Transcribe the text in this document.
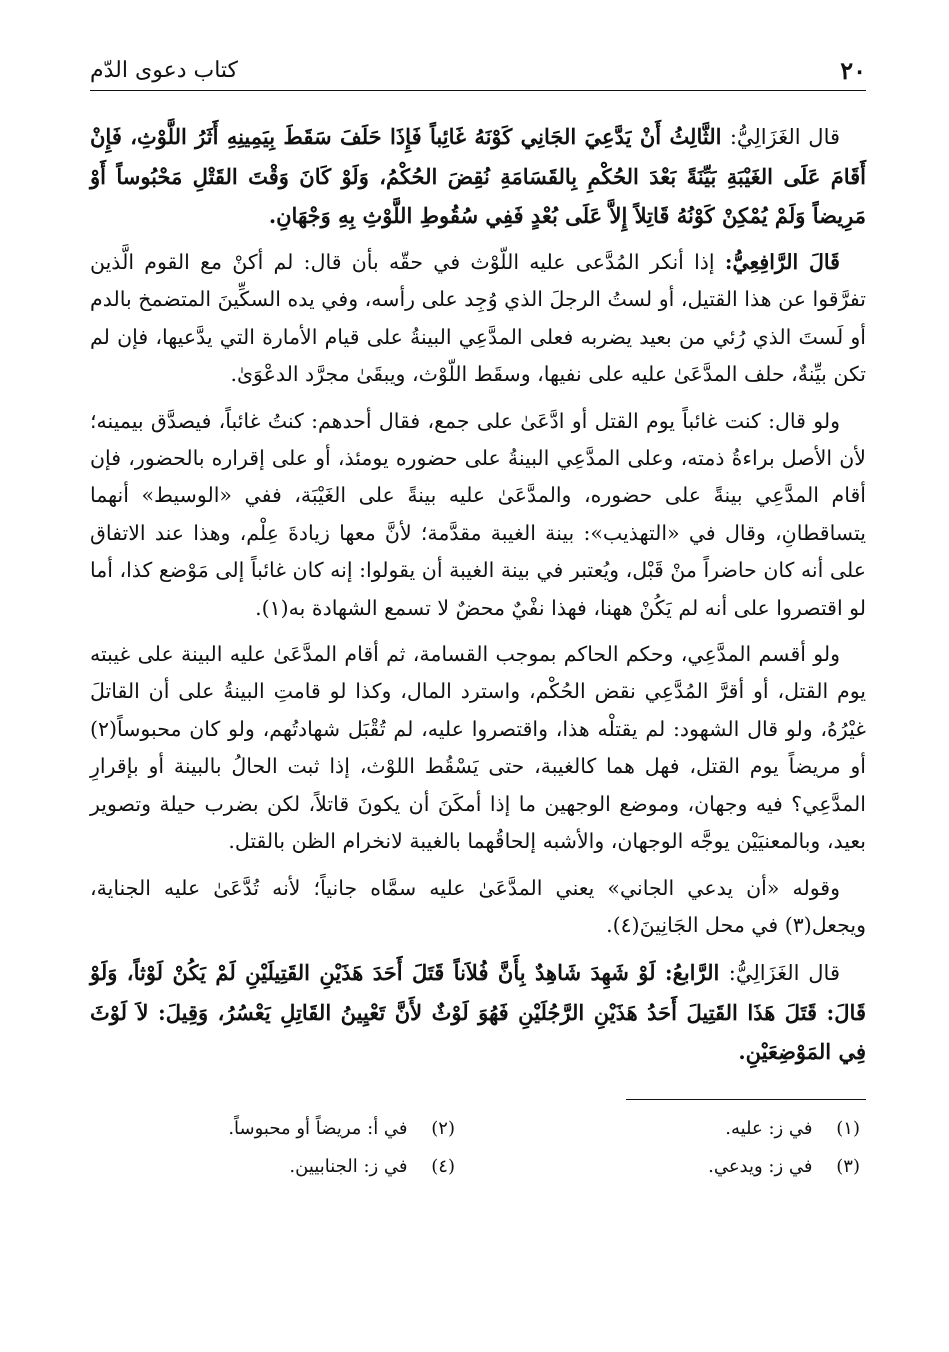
٢٠
كتاب دعوى الدّم

قال الغَزَالِيُّ: الثَّالِثُ أَنْ يَدَّعِيَ الجَانِي كَوْنَهُ غَائِباً فَإِذَا حَلَفَ سَقَطَ بِيَمِينِهِ أَثَرُ اللَّوْثِ، فَإِنْ أَقَامَ عَلَى الغَيْبَةِ بَيِّنَةً بَعْدَ الحُكْمِ بِالقَسَامَةِ نُقِضَ الحُكْمُ، وَلَوْ كَانَ وَقْتَ القَتْلِ مَحْبُوساً أَوْ مَرِيضاً وَلَمْ يُمْكِنْ كَوْنُهُ قَاتِلاً إِلاَّ عَلَى بُعْدٍ فَفِي سُقُوطِ اللَّوْثِ بِهِ وَجْهَانِ.

قَالَ الرَّافِعِيُّ: إذا أنكر المُدَّعى عليه اللّوْث في حقّه بأن قال: لم أكنْ مع القوم الَّذين تفرَّقوا عن هذا القتيل، أو لستُ الرجلَ الذي وُجِد على رأسه، وفي يده السكِّينَ المتضمخ بالدم أو لَستَ الذي رُئي من بعيد يضربه فعلى المدَّعِي البينةُ على قيام الأمارة التي يدَّعيها، فإن لم تكن بيِّنةٌ، حلف المدَّعَىٰ عليه على نفيها، وسقَط اللّوْث، ويبقَىٰ مجرَّد الدعْوَىٰ.

ولو قال: كنت غائباً يوم القتل أو ادَّعَىٰ على جمع، فقال أحدهم: كنتُ غائباً، فيصدَّق بيمينه؛ لأن الأصل براءةُ ذمته، وعلى المدَّعِي البينةُ على حضوره يومئذ، أو على إقراره بالحضور، فإن أقام المدَّعِي بينةً على حضوره، والمدَّعَىٰ عليه بينةً على الغَيْبَة، ففي «الوسيط» أنهما يتساقطانِ، وقال في «التهذيب»: بينة الغيبة مقدَّمة؛ لأنَّ معها زيادةَ عِلْم، وهذا عند الاتفاق على أنه كان حاضراً منْ قَبْل، ويُعتبر في بينة الغيبة أن يقولوا: إنه كان غائباً إلى مَوْضع كذا، أما لو اقتصروا على أنه لم يَكُنْ ههنا، فهذا نفْيٌ محضٌ لا تسمع الشهادة به(١).

ولو أقسم المدَّعِي، وحكم الحاكم بموجب القسامة، ثم أقام المدَّعَىٰ عليه البينة على غيبته يوم القتل، أو أقرَّ المُدَّعِي نقض الحُكْم، واسترد المال، وكذا لو قامتِ البينةُ على أن القاتلَ غيْرُهُ، ولو قال الشهود: لم يقتلْه هذا، واقتصروا عليه، لم تُقْبَل شهادتُهم، ولو كان محبوساً(٢) أو مريضاً يوم القتل، فهل هما كالغيبة، حتى يَسْقُط اللوْث، إذا ثبت الحالُ بالبينة أو بإقرارِ المدَّعِي؟ فيه وجهان، وموضع الوجهين ما إذا أمكَنَ أن يكونَ قاتلاً، لكن بضرب حيلة وتصوير بعيد، وبالمعنيَيْن يوجَّه الوجهان، والأشبه إلحاقُهما بالغيبة لانخرام الظن بالقتل.

وقوله «أن يدعي الجاني» يعني المدَّعَىٰ عليه سمَّاه جانياً؛ لأنه تُدَّعَىٰ عليه الجناية، ويجعل(٣) في محل الجَانِينَ(٤).

قال الغَزَالِيُّ: الرَّابعُ: لَوْ شَهِدَ شَاهِدٌ بِأَنَّ فُلاَناً قَتَلَ أَحَدَ هَذَيْنِ القَتِيلَيْنِ لَمْ يَكُنْ لَوْثاً، وَلَوْ قَالَ: قَتَلَ هَذَا القَتِيلَ أَحَدُ هَذَيْنِ الرَّجُلَيْنِ فَهُوَ لَوْثٌ لأَنَّ تَعْيِينُ القَاتِلِ يَعْسُرُ، وَقِيلَ: لاَ لَوْثَ فِي المَوْضِعَيْنِ.

(١) في ز: عليه.
(٢) في أ: مريضاً أو محبوساً.
(٣) في ز: ويدعي.
(٤) في ز: الجنابيين.
